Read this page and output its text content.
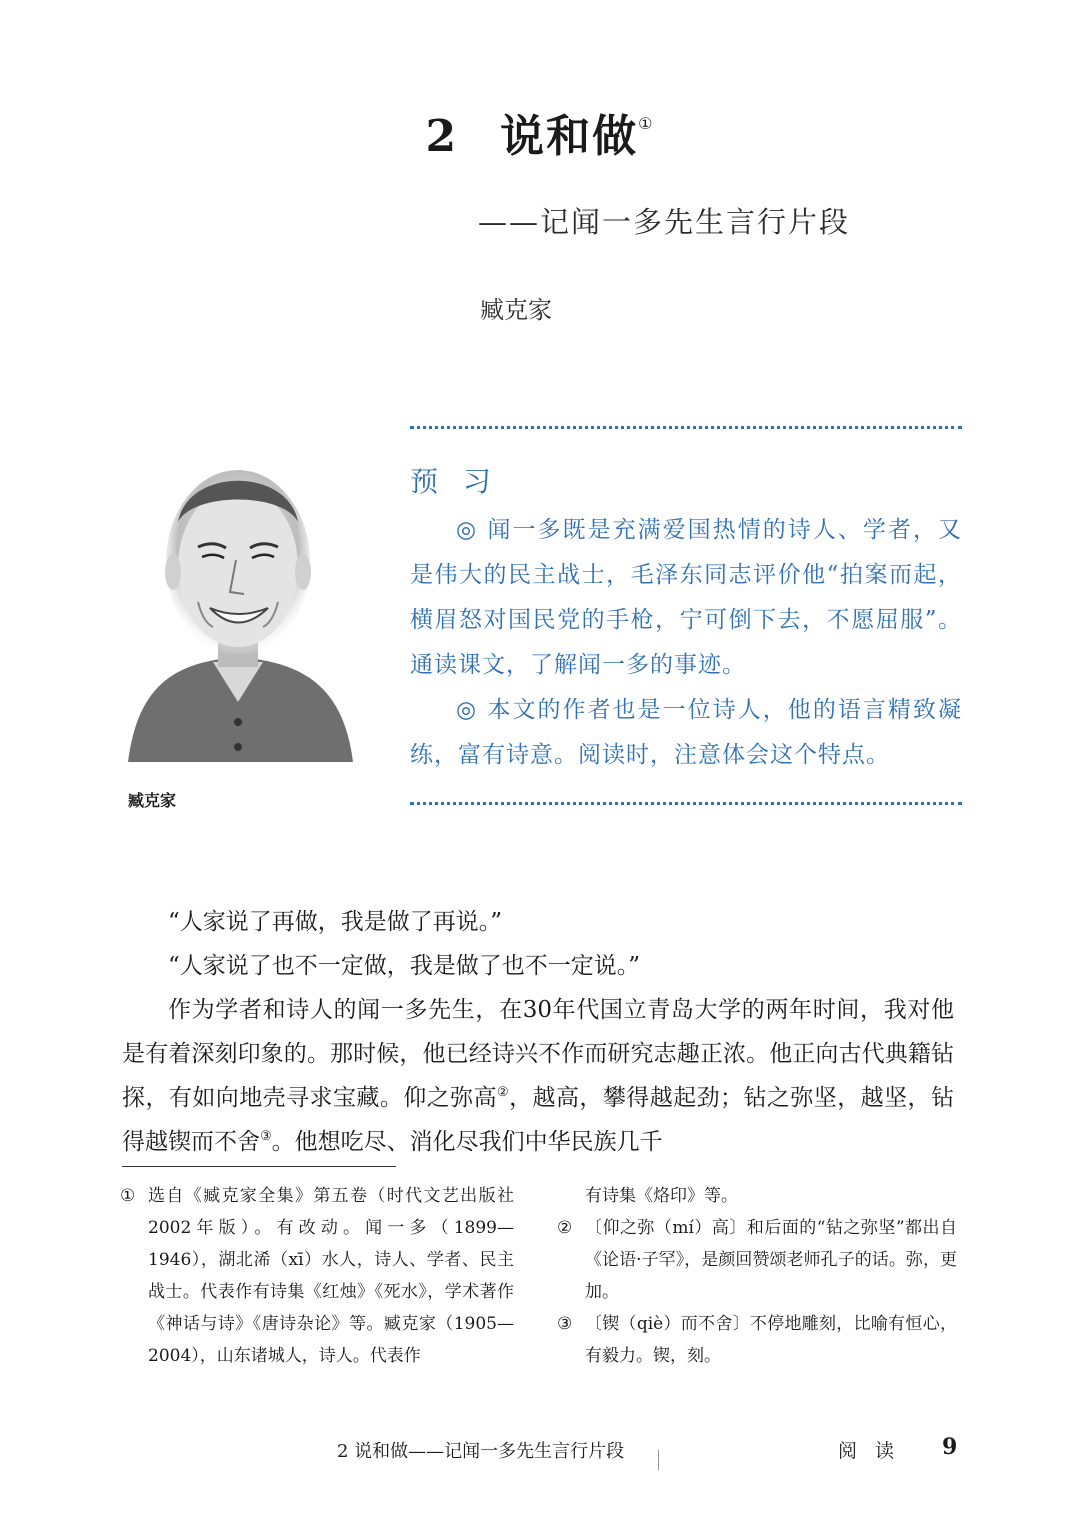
2 说和做①
——记闻一多先生言行片段
臧克家
臧克家
预 习

◎ 闻一多既是充满爱国热情的诗人、学者，又是伟大的民主战士，毛泽东同志评价他“拍案而起，横眉怒对国民党的手枪，宁可倒下去，不愿屈服”。通读课文，了解闻一多的事迹。

◎ 本文的作者也是一位诗人，他的语言精致凝练，富有诗意。阅读时，注意体会这个特点。

“人家说了再做，我是做了再说。”

“人家说了也不一定做，我是做了也不一定说。”

作为学者和诗人的闻一多先生，在30年代国立青岛大学的两年时间，我对他是有着深刻印象的。那时候，他已经诗兴不作而研究志趣正浓。他正向古代典籍钻探，有如向地壳寻求宝藏。仰之弥高②，越高，攀得越起劲；钻之弥坚，越坚，钻得越锲而不舍③。他想吃尽、消化尽我们中华民族几千

① 选自《臧克家全集》第五卷（时代文艺出版社2002年版）。有改动。闻一多（1899—1946），湖北浠（xī）水人，诗人、学者、民主战士。代表作有诗集《红烛》《死水》，学术著作《神话与诗》《唐诗杂论》等。臧克家（1905—2004），山东诸城人，诗人。代表作
有诗集《烙印》等。
② 〔仰之弥（mí）高〕和后面的“钻之弥坚”都出自《论语·子罕》，是颜回赞颂老师孔子的话。弥，更加。
③ 〔锲（qiè）而不舍〕不停地雕刻，比喻有恒心，有毅力。锲，刻。
2 说和做——记闻一多先生言行片段	阅 读 9
